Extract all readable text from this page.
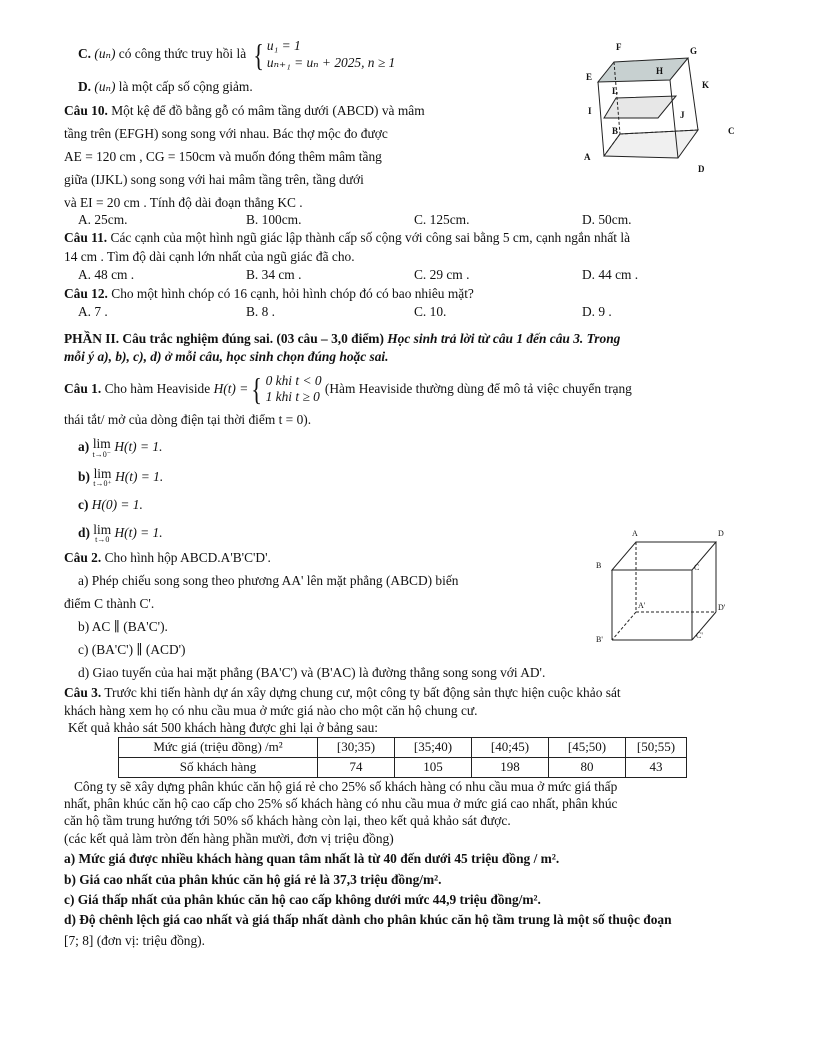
C. (uₙ) có công thức truy hồi là { u₁ = 1
uₙ₊₁ = uₙ + 2025, n ≥ 1
D. (uₙ) là một cấp số cộng giảm.
Câu 10. Một kệ để đồ bằng gỗ có mâm tầng dưới (ABCD) và mâm
tầng trên (EFGH) song song với nhau. Bác thợ mộc đo được
AE = 120 cm , CG = 150cm và muốn đóng thêm mâm tầng
giữa (IJKL) song song với hai mâm tầng trên, tầng dưới
và EI = 20 cm . Tính độ dài đoạn thẳng KC .
A. 25cm.	B. 100cm.	C. 125cm.	D. 50cm.
Câu 11. Các cạnh của một hình ngũ giác lập thành cấp số cộng với công sai bằng 5 cm, cạnh ngắn nhất là
14 cm . Tìm độ dài cạnh lớn nhất của ngũ giác đã cho.
A. 48 cm .	B. 34 cm .	C. 29 cm .	D. 44 cm .
Câu 12. Cho một hình chóp có 16 cạnh, hỏi hình chóp đó có bao nhiêu mặt?
A. 7 .	B. 8 .	C. 10.	D. 9 .
PHẦN II. Câu trắc nghiệm đúng sai. (03 câu – 3,0 điểm) Học sinh trả lời từ câu 1 đến câu 3. Trong
mỗi ý a), b), c), d) ở mỗi câu, học sinh chọn đúng hoặc sai.
Câu 1. Cho hàm Heaviside H(t) = { 0 khi t < 0
1 khi t ≥ 0 (Hàm Heaviside thường dùng để mô tả việc chuyển trạng
thái tắt/ mở của dòng điện tại thời điểm t = 0).
a) lim
t→0⁻
H(t) = 1.
b) lim
t→0⁺
H(t) = 1.
c) H(0) = 1.
d) lim
t→0
H(t) = 1.
Câu 2. Cho hình hộp ABCD.A'B'C'D'.
a) Phép chiếu song song theo phương AA' lên mặt phẳng (ABCD) biến
điểm C thành C'.
b) AC ∥ (BA'C').
c) (BA'C') ∥ (ACD')
d) Giao tuyến của hai mặt phẳng (BA'C') và (B'AC) là đường thẳng song song với AD'.
Câu 3. Trước khi tiến hành dự án xây dựng chung cư, một công ty bất động sản thực hiện cuộc khảo sát
khách hàng xem họ có nhu cầu mua ở mức giá nào cho một căn hộ chung cư.
Kết quả khảo sát 500 khách hàng được ghi lại ở bảng sau:
Mức giá (triệu đồng) /m²	[30;35)	[35;40)	[40;45)	[45;50)	[50;55)
Số khách hàng	74	105	198	80	43
Công ty sẽ xây dựng phân khúc căn hộ giá rẻ cho 25% số khách hàng có nhu cầu mua ở mức giá thấp
nhất, phân khúc căn hộ cao cấp cho 25% số khách hàng có nhu cầu mua ở mức giá cao nhất, phân khúc
căn hộ tầm trung hướng tới 50% số khách hàng còn lại, theo kết quả khảo sát được.
(các kết quả làm tròn đến hàng phần mười, đơn vị triệu đồng)
a) Mức giá được nhiều khách hàng quan tâm nhất là từ 40 đến dưới 45 triệu đồng / m².
b) Giá cao nhất của phân khúc căn hộ giá rẻ là 37,3 triệu đồng/m².
c) Giá thấp nhất của phân khúc căn hộ cao cấp không dưới mức 44,9 triệu đồng/m².
d) Độ chênh lệch giá cao nhất và giá thấp nhất dành cho phân khúc căn hộ tầm trung là một số thuộc đoạn
[7; 8] (đơn vị: triệu đồng).
F	G
E
H
L
K
I	J
B	C
A
D
A	D
B	C
A'	D'
B'	C'
